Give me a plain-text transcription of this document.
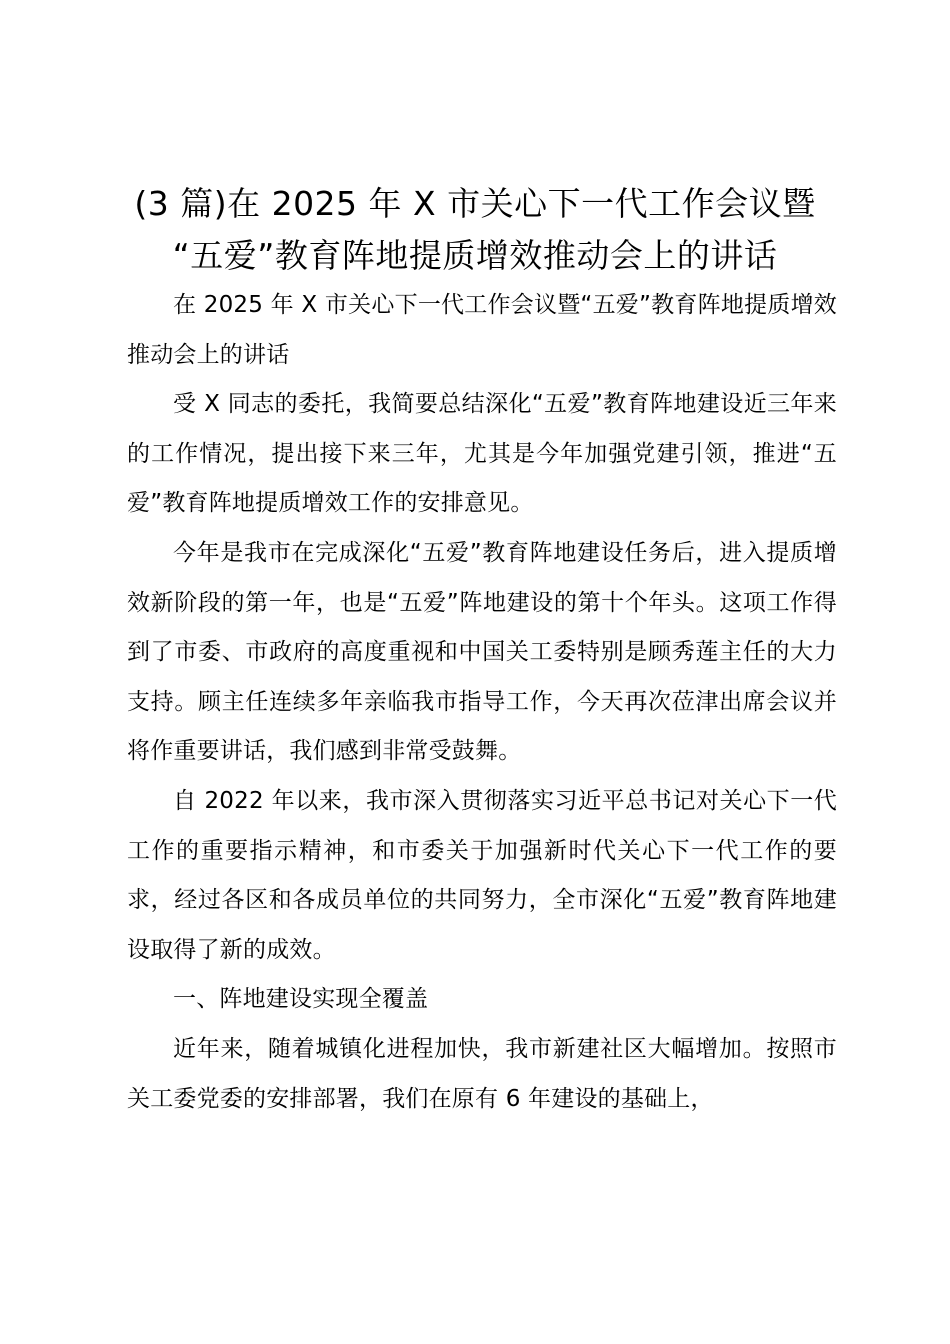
(3 篇)在 2025 年 X 市关心下一代工作会议暨
“五爱”教育阵地提质增效推动会上的讲话

在 2025 年 X 市关心下一代工作会议暨“五爱”教育阵地提质增效推动会上的讲话

受 X 同志的委托，我简要总结深化“五爱”教育阵地建设近三年来的工作情况，提出接下来三年，尤其是今年加强党建引领，推进“五爱”教育阵地提质增效工作的安排意见。

今年是我市在完成深化“五爱”教育阵地建设任务后，进入提质增效新阶段的第一年，也是“五爱”阵地建设的第十个年头。这项工作得到了市委、市政府的高度重视和中国关工委特别是顾秀莲主任的大力支持。顾主任连续多年亲临我市指导工作，今天再次莅津出席会议并将作重要讲话，我们感到非常受鼓舞。

自 2022 年以来，我市深入贯彻落实习近平总书记对关心下一代工作的重要指示精神，和市委关于加强新时代关心下一代工作的要求，经过各区和各成员单位的共同努力，全市深化“五爱”教育阵地建设取得了新的成效。

一、阵地建设实现全覆盖

近年来，随着城镇化进程加快，我市新建社区大幅增加。按照市关工委党委的安排部署，我们在原有 6 年建设的基础上，
